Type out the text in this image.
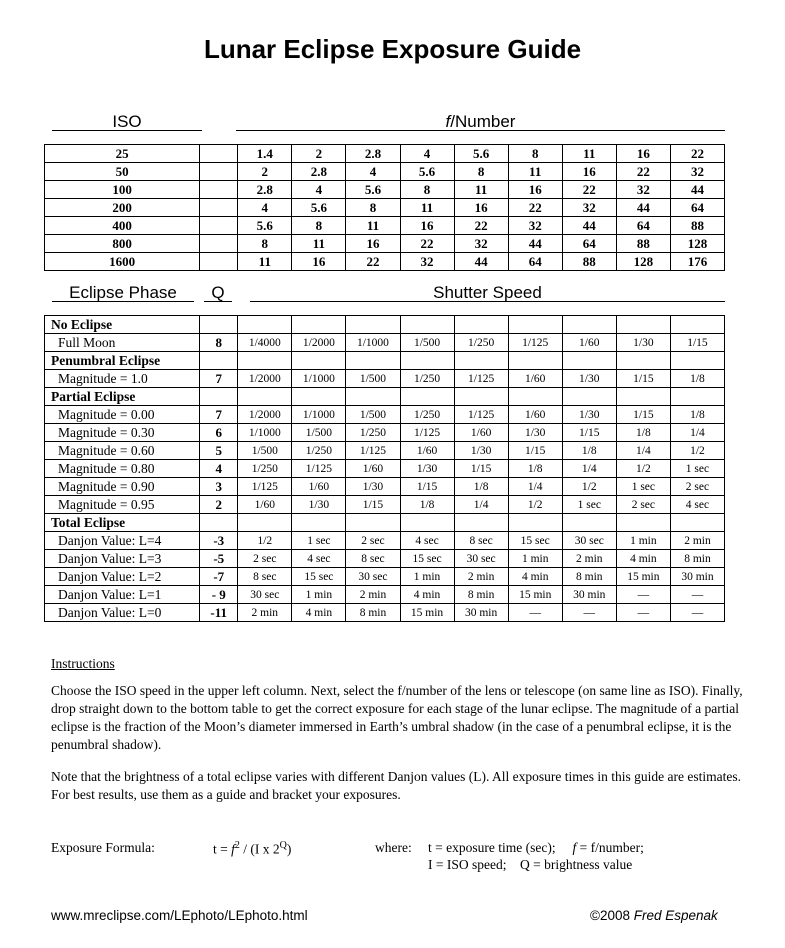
Lunar Eclipse Exposure Guide
ISO	f/Number
25		1.4	2	2.8	4	5.6	8	11	16	22
50		2	2.8	4	5.6	8	11	16	22	32
100		2.8	4	5.6	8	11	16	22	32	44
200		4	5.6	8	11	16	22	32	44	64
400		5.6	8	11	16	22	32	44	64	88
800		8	11	16	22	32	44	64	88	128
1600		11	16	22	32	44	64	88	128	176
Eclipse Phase	Q	Shutter Speed
No Eclipse										
Full Moon	8	1/4000	1/2000	1/1000	1/500	1/250	1/125	1/60	1/30	1/15
Penumbral Eclipse										
Magnitude = 1.0	7	1/2000	1/1000	1/500	1/250	1/125	1/60	1/30	1/15	1/8
Partial Eclipse										
Magnitude = 0.00	7	1/2000	1/1000	1/500	1/250	1/125	1/60	1/30	1/15	1/8
Magnitude = 0.30	6	1/1000	1/500	1/250	1/125	1/60	1/30	1/15	1/8	1/4
Magnitude = 0.60	5	1/500	1/250	1/125	1/60	1/30	1/15	1/8	1/4	1/2
Magnitude = 0.80	4	1/250	1/125	1/60	1/30	1/15	1/8	1/4	1/2	1 sec
Magnitude = 0.90	3	1/125	1/60	1/30	1/15	1/8	1/4	1/2	1 sec	2 sec
Magnitude = 0.95	2	1/60	1/30	1/15	1/8	1/4	1/2	1 sec	2 sec	4 sec
Total Eclipse										
Danjon Value: L=4	-3	1/2	1 sec	2 sec	4 sec	8 sec	15 sec	30 sec	1 min	2 min
Danjon Value: L=3	-5	2 sec	4 sec	8 sec	15 sec	30 sec	1 min	2 min	4 min	8 min
Danjon Value: L=2	-7	8 sec	15 sec	30 sec	1 min	2 min	4 min	8 min	15 min	30 min
Danjon Value: L=1	- 9	30 sec	1 min	2 min	4 min	8 min	15 min	30 min	—	—
Danjon Value: L=0	-11	2 min	4 min	8 min	15 min	30 min	—	—	—	—
Instructions
Choose the ISO speed in the upper left column. Next, select the f/number of the lens or telescope (on same line as ISO). Finally, drop straight down to the bottom table to get the correct exposure for each stage of the lunar eclipse. The magnitude of a partial eclipse is the fraction of the Moon’s diameter immersed in Earth’s umbral shadow (in the case of a penumbral eclipse, it is the penumbral shadow).
Note that the brightness of a total eclipse varies with different Danjon values (L). All exposure times in this guide are estimates. For best results, use them as a guide and bracket your exposures.
Exposure Formula:	$t = f^2 / (I$ x $2^Q$)	where: t = exposure time (sec); f = f/number;
I = ISO speed; Q = brightness value
www.mreclipse.com/LEphoto/LEphoto.html	©2008 Fred Espenak
